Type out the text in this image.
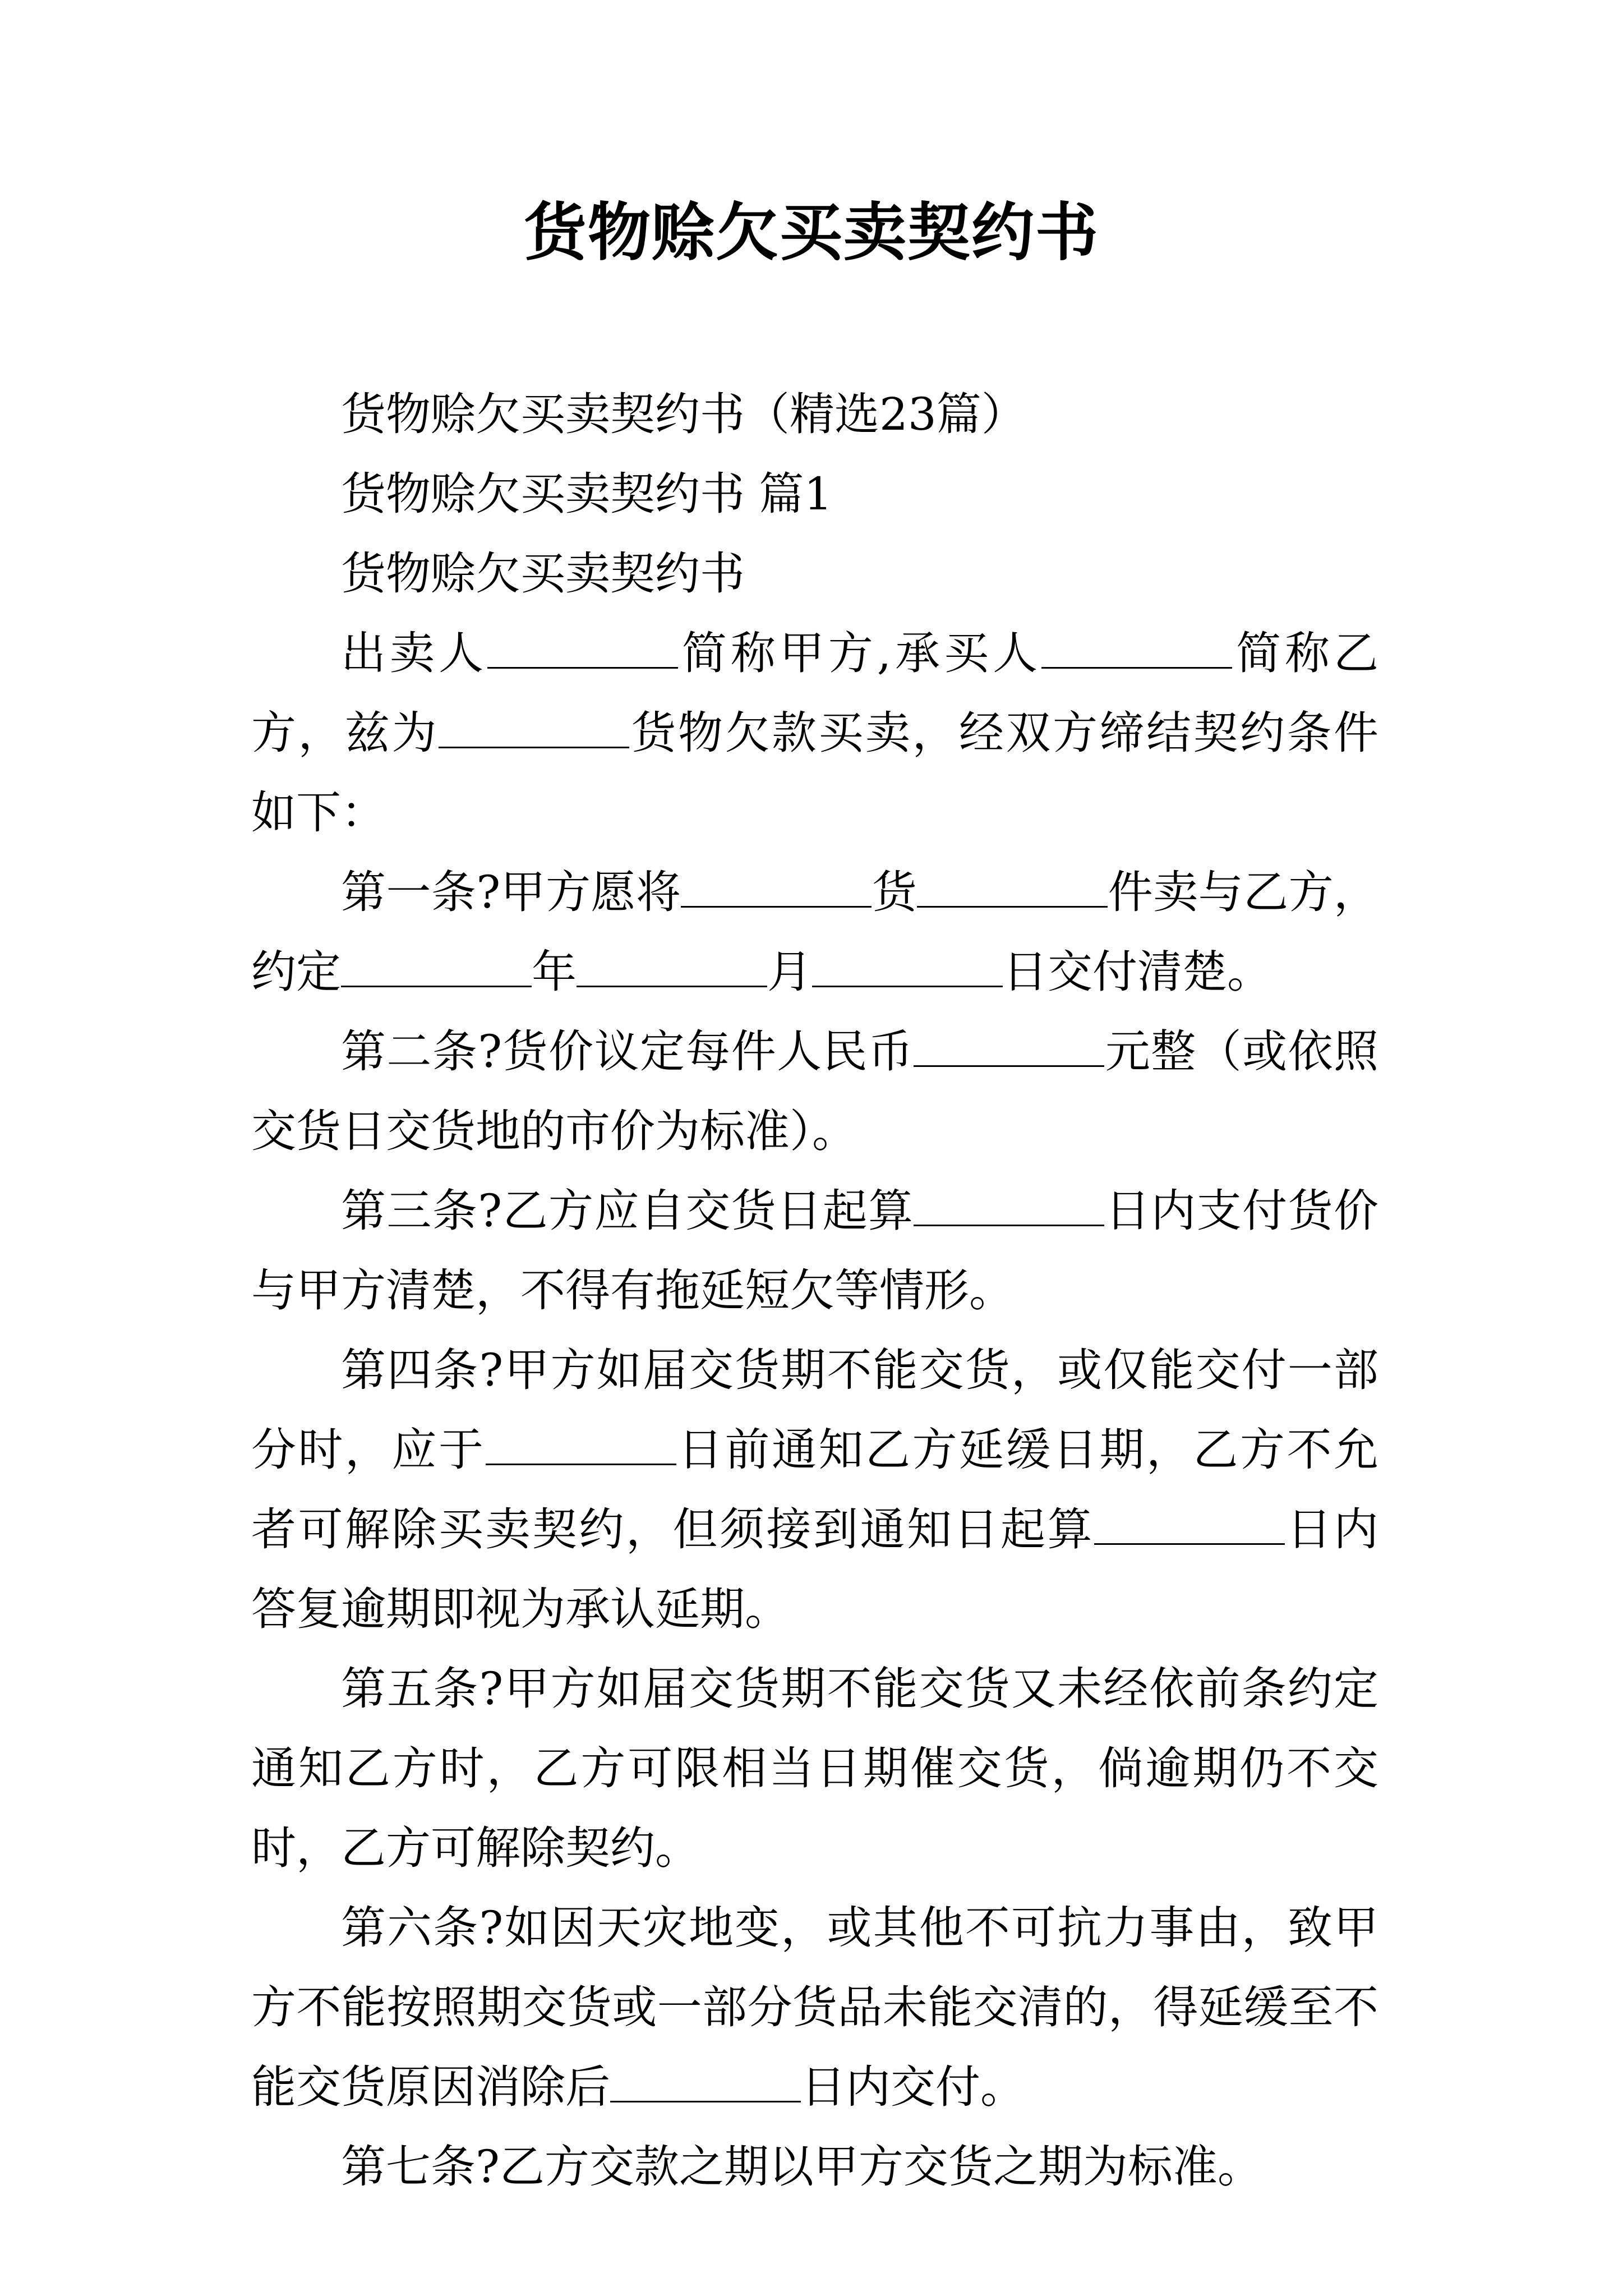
货物赊欠买卖契约书

货物赊欠买卖契约书（精选23篇）

货物赊欠买卖契约书 篇1

货物赊欠买卖契约书

出卖人	简称甲方,承买人	简称乙方，兹为	货物欠款买卖，经双方缔结契约条件如下：

第一条?甲方愿将	货	件卖与乙方，约定	年	月	日交付清楚。

第二条?货价议定每件人民币	元整（或依照交货日交货地的市价为标准）。

第三条?乙方应自交货日起算	日内支付货价与甲方清楚，不得有拖延短欠等情形。

第四条?甲方如届交货期不能交货，或仅能交付一部分时，应于	日前通知乙方延缓日期，乙方不允者可解除买卖契约，但须接到通知日起算	日内答复逾期即视为承认延期。

第五条?甲方如届交货期不能交货又未经依前条约定通知乙方时，乙方可限相当日期催交货，倘逾期仍不交时，乙方可解除契约。

第六条?如因天灾地变，或其他不可抗力事由，致甲方不能按照期交货或一部分货品未能交清的，得延缓至不能交货原因消除后	日内交付。

第七条?乙方交款之期以甲方交货之期为标准。
